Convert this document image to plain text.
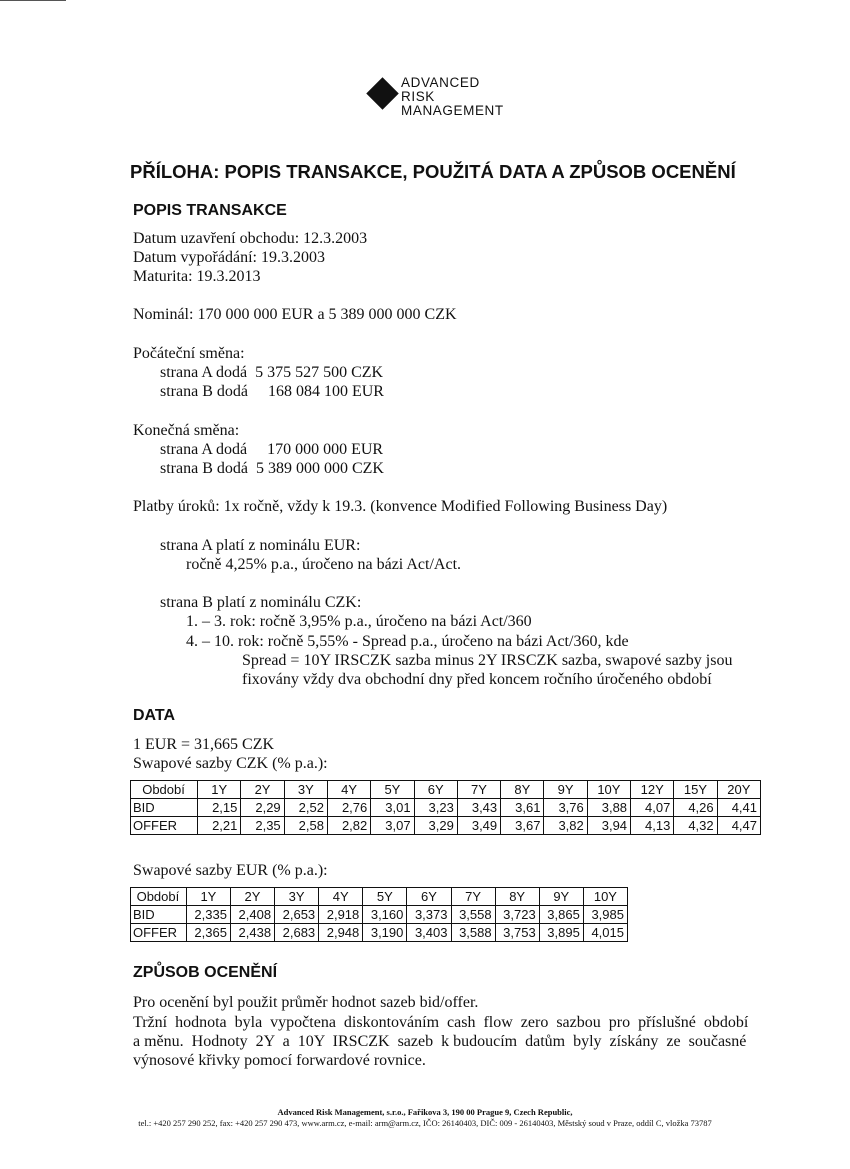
ADVANCED
RISK
MANAGEMENT
PŘÍLOHA: POPIS TRANSAKCE, POUŽITÁ DATA A ZPŮSOB OCENĚNÍ
POPIS TRANSAKCE
Datum uzavření obchodu: 12.3.2003
Datum vypořádání: 19.3.2003
Maturita: 19.3.2013
Nominál: 170 000 000 EUR a 5 389 000 000 CZK
Počáteční směna:
strana A dodá  5 375 527 500 CZK
strana B dodá     168 084 100 EUR
Konečná směna:
strana A dodá     170 000 000 EUR
strana B dodá  5 389 000 000 CZK
Platby úroků: 1x ročně, vždy k 19.3. (konvence Modified Following Business Day)
strana A platí z nominálu EUR:
ročně 4,25% p.a., úročeno na bázi Act/Act.
strana B platí z nominálu CZK:
1. – 3. rok: ročně 3,95% p.a., úročeno na bázi Act/360
4. – 10. rok: ročně 5,55% - Spread p.a., úročeno na bázi Act/360, kde
Spread = 10Y IRSCZK sazba minus 2Y IRSCZK sazba, swapové sazby jsou
fixovány vždy dva obchodní dny před koncem ročního úročeného období
DATA
1 EUR = 31,665 CZK
Swapové sazby CZK (% p.a.):
Období	1Y	2Y	3Y	4Y	5Y	6Y	7Y	8Y	9Y	10Y	12Y	15Y	20Y
BID	2,15	2,29	2,52	2,76	3,01	3,23	3,43	3,61	3,76	3,88	4,07	4,26	4,41
OFFER	2,21	2,35	2,58	2,82	3,07	3,29	3,49	3,67	3,82	3,94	4,13	4,32	4,47
Swapové sazby EUR (% p.a.):
Období	1Y	2Y	3Y	4Y	5Y	6Y	7Y	8Y	9Y	10Y
BID	2,335	2,408	2,653	2,918	3,160	3,373	3,558	3,723	3,865	3,985
OFFER	2,365	2,438	2,683	2,948	3,190	3,403	3,588	3,753	3,895	4,015
ZPŮSOB OCENĚNÍ
Pro ocenění byl použit průměr hodnot sazeb bid/offer.
Tržní  hodnota  byla  vypočtena  diskontováním  cash  flow  zero  sazbou  pro  příslušné  období
a měnu.  Hodnoty  2Y  a  10Y  IRSCZK  sazeb  k budoucím  datům  byly  získány  ze  současné
výnosové křivky pomocí forwardové rovnice.
Advanced Risk Management, s.r.o., Fařikova 3, 190 00 Prague 9, Czech Republic,
tel.: +420 257 290 252, fax: +420 257 290 473, www.arm.cz, e-mail: arm@arm.cz, IČO: 26140403, DIČ: 009 - 26140403, Městský soud v Praze, oddíl C, vložka 73787
